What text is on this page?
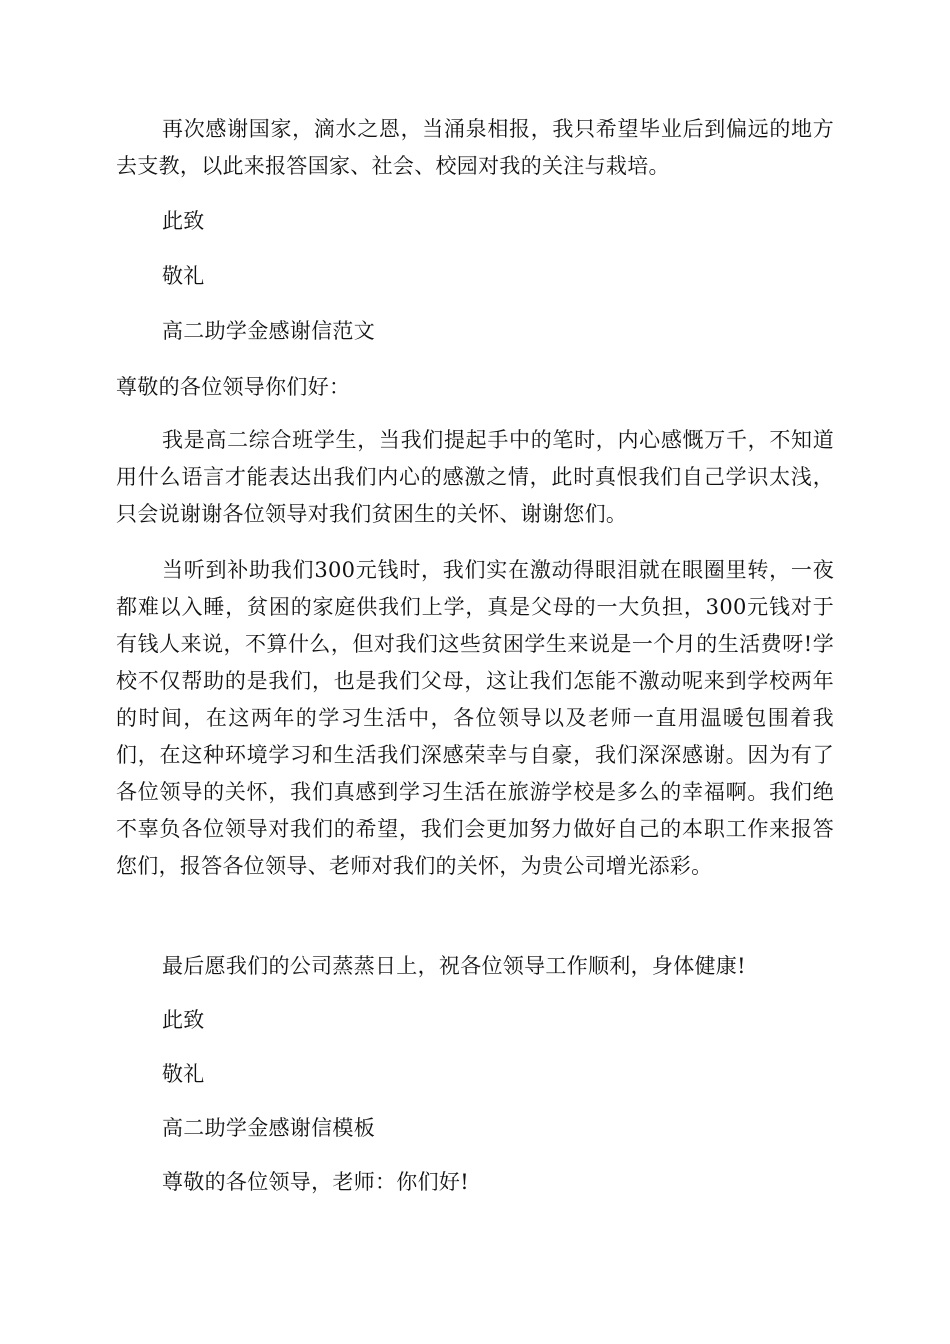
再次感谢国家，滴水之恩，当涌泉相报，我只希望毕业后到偏远的地方去支教，以此来报答国家、社会、校园对我的关注与栽培。

此致

敬礼

高二助学金感谢信范文

尊敬的各位领导你们好：

我是高二综合班学生，当我们提起手中的笔时，内心感慨万千，不知道用什么语言才能表达出我们内心的感激之情，此时真恨我们自己学识太浅，只会说谢谢各位领导对我们贫困生的关怀、谢谢您们。

当听到补助我们300元钱时，我们实在激动得眼泪就在眼圈里转，一夜都难以入睡，贫困的家庭供我们上学，真是父母的一大负担，300元钱对于有钱人来说，不算什么，但对我们这些贫困学生来说是一个月的生活费呀!学校不仅帮助的是我们，也是我们父母，这让我们怎能不激动呢来到学校两年的时间，在这两年的学习生活中，各位领导以及老师一直用温暖包围着我们，在这种环境学习和生活我们深感荣幸与自豪，我们深深感谢。因为有了各位领导的关怀，我们真感到学习生活在旅游学校是多么的幸福啊。我们绝不辜负各位领导对我们的希望，我们会更加努力做好自己的本职工作来报答您们，报答各位领导、老师对我们的关怀，为贵公司增光添彩。

最后愿我们的公司蒸蒸日上，祝各位领导工作顺利，身体健康!

此致

敬礼

高二助学金感谢信模板

尊敬的各位领导，老师：你们好!
